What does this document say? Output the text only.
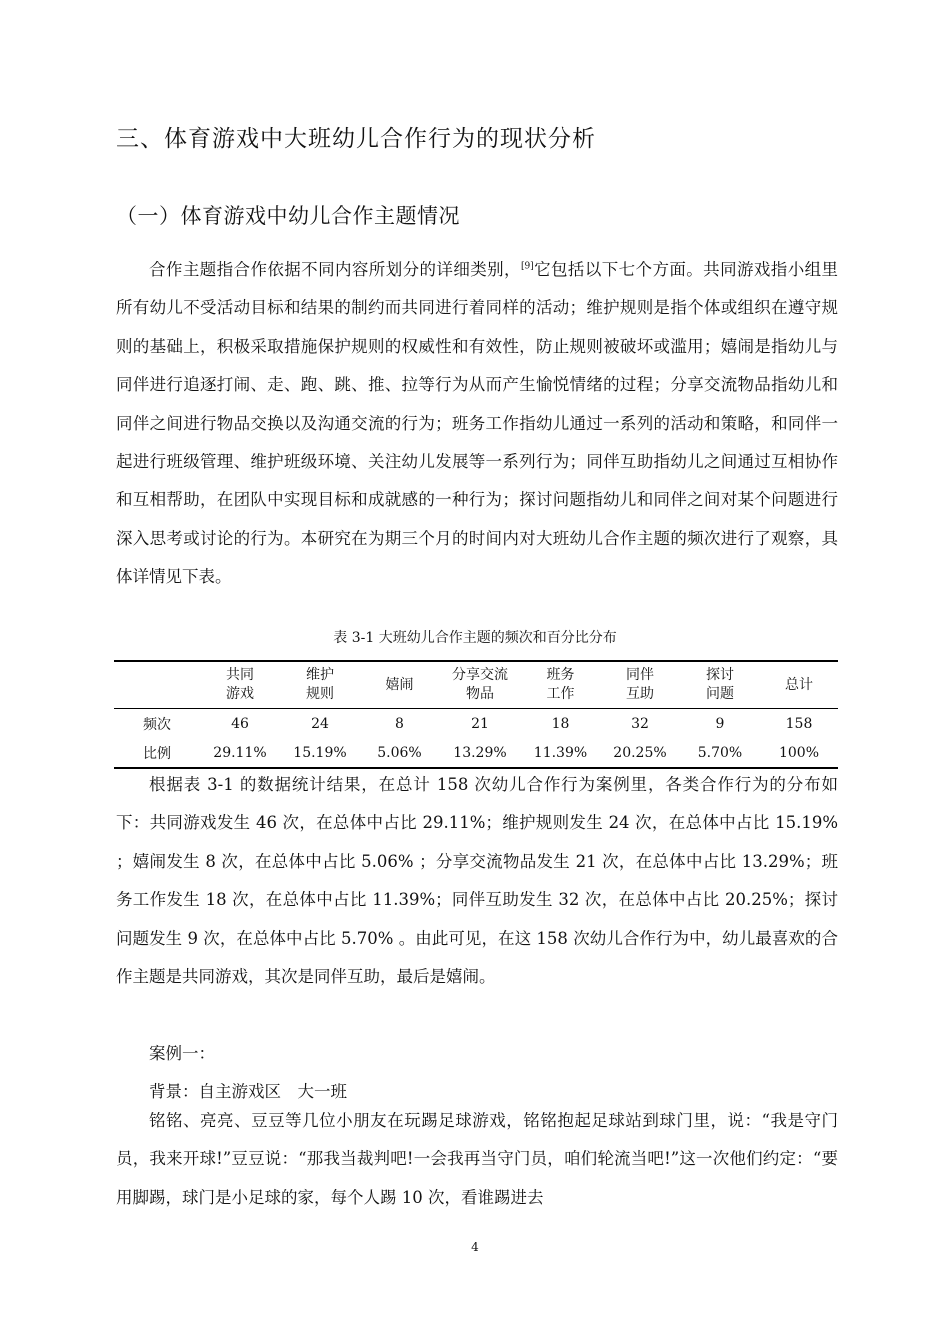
三、体育游戏中大班幼儿合作行为的现状分析
（一）体育游戏中幼儿合作主题情况

合作主题指合作依据不同内容所划分的详细类别，[9]它包括以下七个方面。共同游戏指小组里所有幼儿不受活动目标和结果的制约而共同进行着同样的活动；维护规则是指个体或组织在遵守规则的基础上，积极采取措施保护规则的权威性和有效性，防止规则被破坏或滥用；嬉闹是指幼儿与同伴进行追逐打闹、走、跑、跳、推、拉等行为从而产生愉悦情绪的过程；分享交流物品指幼儿和同伴之间进行物品交换以及沟通交流的行为；班务工作指幼儿通过一系列的活动和策略，和同伴一起进行班级管理、维护班级环境、关注幼儿发展等一系列行为；同伴互助指幼儿之间通过互相协作和互相帮助，在团队中实现目标和成就感的一种行为；探讨问题指幼儿和同伴之间对某个问题进行深入思考或讨论的行为。本研究在为期三个月的时间内对大班幼儿合作主题的频次进行了观察，具体详情见下表。

表 3-1 大班幼儿合作主题的频次和百分比分布
	共同游戏	维护规则	嬉闹	分享交流物品	班务工作	同伴互助	探讨问题	总计
频次	46	24	8	21	18	32	9	158
比例	29.11%	15.19%	5.06%	13.29%	11.39%	20.25%	5.70%	100%

根据表 3-1 的数据统计结果，在总计 158 次幼儿合作行为案例里，各类合作行为的分布如下：共同游戏发生 46 次，在总体中占比 29.11%；维护规则发生 24 次，在总体中占比 15.19% ；嬉闹发生 8 次，在总体中占比 5.06% ；分享交流物品发生 21 次，在总体中占比 13.29%；班务工作发生 18 次，在总体中占比 11.39%；同伴互助发生 32 次，在总体中占比 20.25%；探讨问题发生 9 次，在总体中占比 5.70% 。由此可见，在这 158 次幼儿合作行为中，幼儿最喜欢的合作主题是共同游戏，其次是同伴互助，最后是嬉闹。

案例一：

背景：自主游戏区　大一班

铭铭、亮亮、豆豆等几位小朋友在玩踢足球游戏，铭铭抱起足球站到球门里，说：“我是守门员，我来开球!”豆豆说：“那我当裁判吧!一会我再当守门员，咱们轮流当吧!”这一次他们约定：“要用脚踢，球门是小足球的家，每个人踢 10 次，看谁踢进去

4
